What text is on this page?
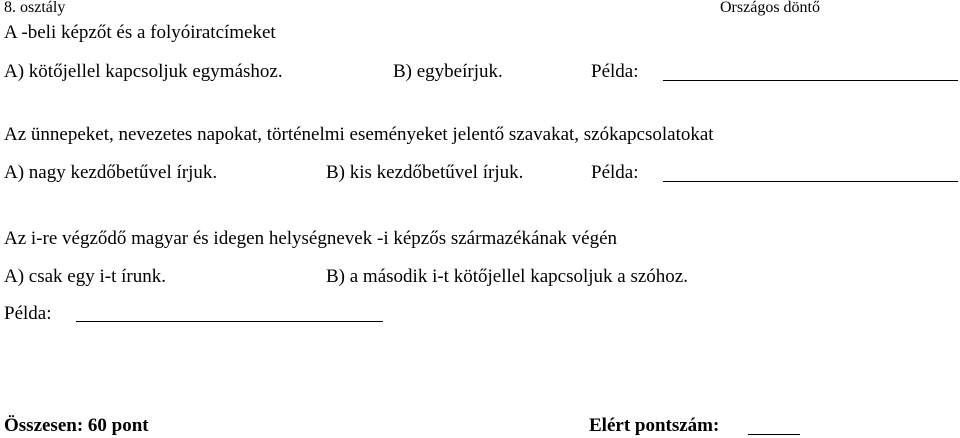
8. osztály	Országos döntő
A -beli képzőt és a folyóiratcímeket
A) kötőjellel kapcsoljuk egymáshoz.	B) egybeírjuk.	Példa:
Az ünnepeket, nevezetes napokat, történelmi eseményeket jelentő szavakat, szókapcsolatokat
A) nagy kezdőbetűvel írjuk.	B) kis kezdőbetűvel írjuk.	Példa:
Az i-re végződő magyar és idegen helységnevek -i képzős származékának végén
A) csak egy i-t írunk.	B) a második i-t kötőjellel kapcsoljuk a szóhoz.
Példa:
Összesen: 60 pont	Elért pontszám:
